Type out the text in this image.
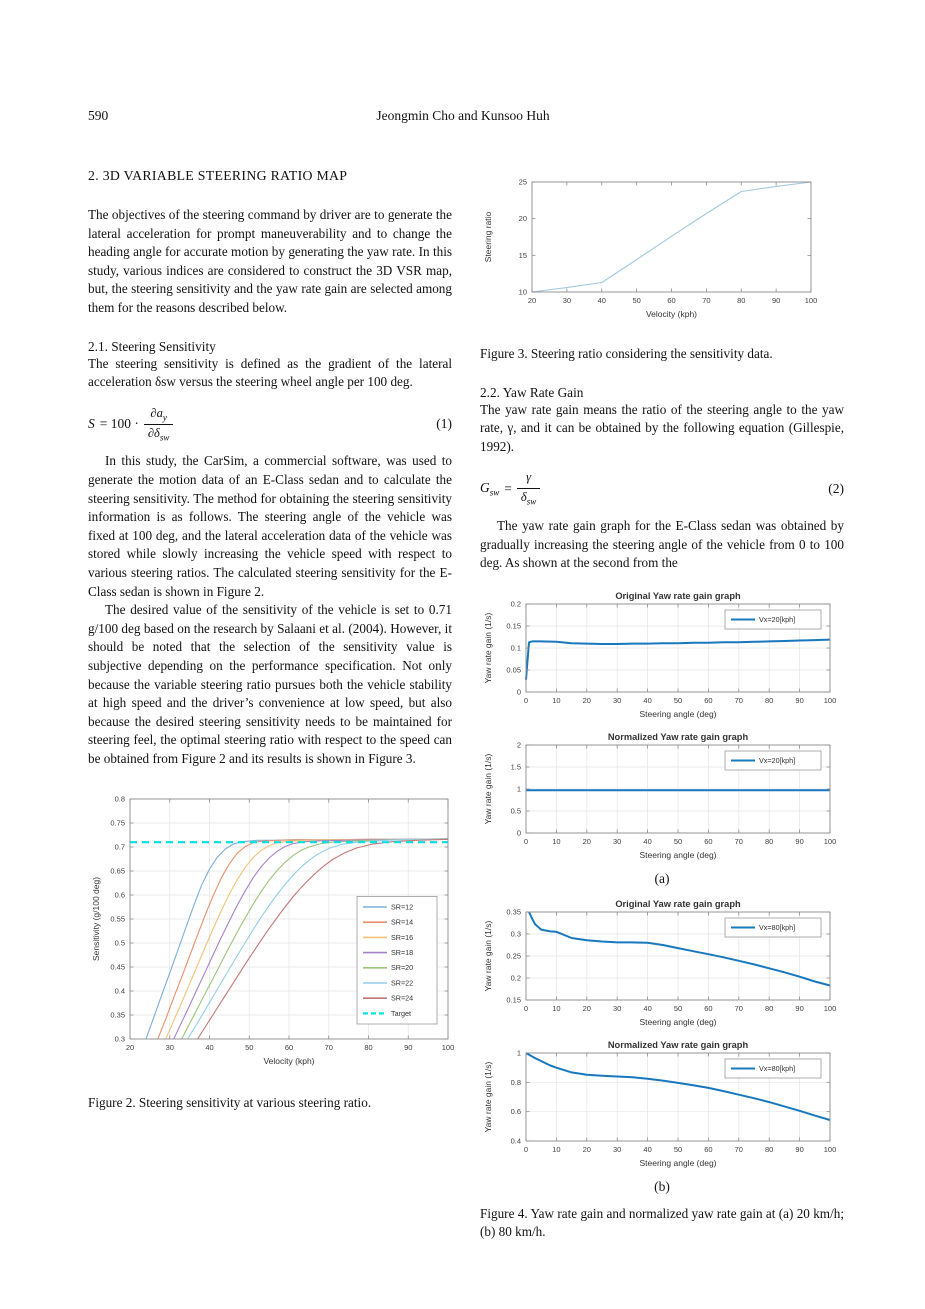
590	Jeongmin Cho and Kunsoo Huh
2. 3D VARIABLE STEERING RATIO MAP

The objectives of the steering command by driver are to generate the lateral acceleration for prompt maneuverability and to change the heading angle for accurate motion by generating the yaw rate. In this study, various indices are considered to construct the 3D VSR map, but, the steering sensitivity and the yaw rate gain are selected among them for the reasons described below.

2.1. Steering Sensitivity

The steering sensitivity is defined as the gradient of the lateral acceleration δsw versus the steering wheel angle per 100 deg.

$S = 100 \cdot \frac{\partial a_y}{\partial\delta_{sw}}$	(1)

In this study, the CarSim, a commercial software, was used to generate the motion data of an E-Class sedan and to calculate the steering sensitivity. The method for obtaining the steering sensitivity information is as follows. The steering angle of the vehicle was fixed at 100 deg, and the lateral acceleration data of the vehicle was stored while slowly increasing the vehicle speed with respect to various steering ratios. The calculated steering sensitivity for the E-Class sedan is shown in Figure 2.

The desired value of the sensitivity of the vehicle is set to 0.71 g/100 deg based on the research by Salaani et al. (2004). However, it should be noted that the selection of the sensitivity value is subjective depending on the performance specification. Not only because the variable steering ratio pursues both the vehicle stability at high speed and the driver’s convenience at low speed, but also because the desired steering sensitivity needs to be maintained for steering feel, the optimal steering ratio with respect to the speed can be obtained from Figure 2 and its results is shown in Figure 3.

20	30	40	50	60	70	80	90	100
0.3
0.35
0.4
0.45
0.5
0.55
0.6
0.65
0.7
0.75
0.8
Velocity (kph)
Sensitivity (g/100 deg)	SR=12
SR=14
SR=16
SR=18
SR=20
SR=22
SR=24
Target
Figure 2. Steering sensitivity at various steering ratio.
20	30	40	50	60	70	80	90	100
10
15
20
25
Velocity (kph)
Steering ratio
Figure 3. Steering ratio considering the sensitivity data.
2.2. Yaw Rate Gain

The yaw rate gain means the ratio of the steering angle to the yaw rate, γ, and it can be obtained by the following equation (Gillespie, 1992).

$G_{sw} = \frac{\gamma}{\delta_{sw}}$	(2)

The yaw rate gain graph for the E-Class sedan was obtained by gradually increasing the steering angle of the vehicle from 0 to 100 deg. As shown at the second from the

0	10	20	30	40	50	60	70	80	90	100
0
0.05
0.1
0.15
0.2
Original Yaw rate gain graph
Steering angle (deg)
Yaw rate gain (1/s)	Vx=20[kph]
0	10	20	30	40	50	60	70	80	90	100
0
0.5
1
1.5
2
Normalized Yaw rate gain graph
Steering angle (deg)
Yaw rate gain (1/s)	Vx=20[kph]
(a)
0	10	20	30	40	50	60	70	80	90	100
0.15
0.2
0.25
0.3
0.35
Original Yaw rate gain graph
Steering angle (deg)
Yaw rate gain (1/s)	Vx=80[kph]
0	10	20	30	40	50	60	70	80	90	100
0.4
0.6
0.8
1
Normalized Yaw rate gain graph
Steering angle (deg)
Yaw rate gain (1/s)	Vx=80[kph]
(b)
Figure 4. Yaw rate gain and normalized yaw rate gain at (a) 20 km/h; (b) 80 km/h.
